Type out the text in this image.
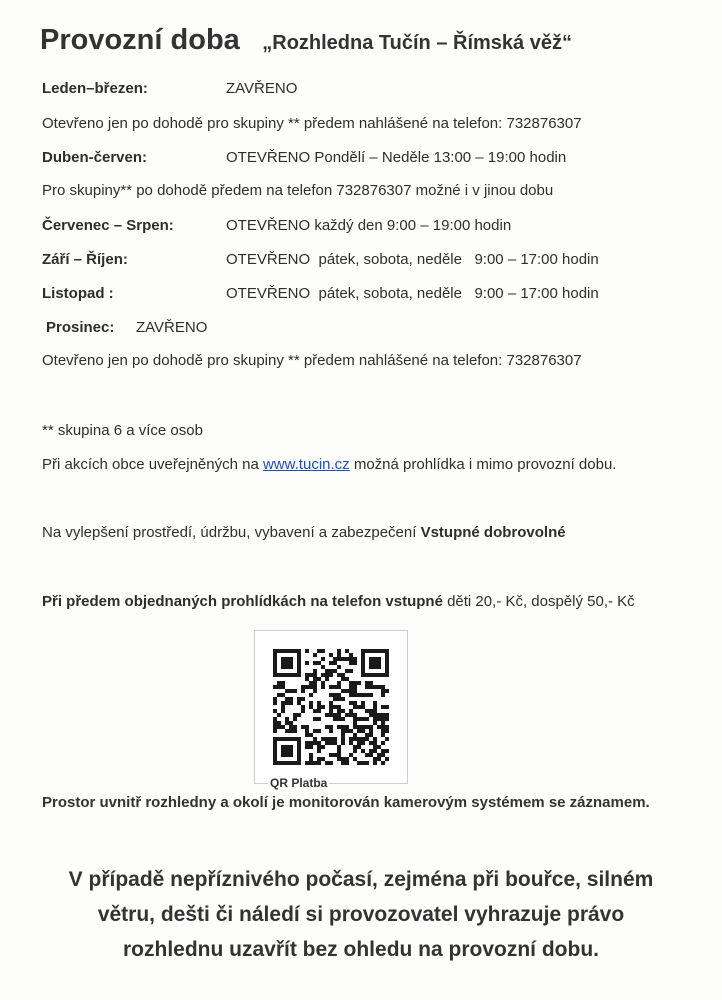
Provozní doba „Rozhledna Tučín – Římská věž“
Leden–březen:	ZAVŘENO
Otevřeno jen po dohodě pro skupiny ** předem nahlášené na telefon: 732876307
Duben-červen:	OTEVŘENO Pondělí – Neděle 13:00 – 19:00 hodin
Pro skupiny** po dohodě předem na telefon 732876307 možné i v jinou dobu
Červenec – Srpen:	OTEVŘENO každý den 9:00 – 19:00 hodin
Září – Říjen:	OTEVŘENO  pátek, sobota, neděle   9:00 – 17:00 hodin
Listopad :	OTEVŘENO  pátek, sobota, neděle   9:00 – 17:00 hodin
Prosinec: ZAVŘENO
Otevřeno jen po dohodě pro skupiny ** předem nahlášené na telefon: 732876307
** skupina 6 a více osob
Při akcích obce uveřejněných na www.tucin.cz možná prohlídka i mimo provozní dobu.
Na vylepšení prostředí, údržbu, vybavení a zabezpečení Vstupné dobrovolné
Při předem objednaných prohlídkách na telefon vstupné děti 20,- Kč, dospělý 50,- Kč
QR Platba
Prostor uvnitř rozhledny a okolí je monitorován kamerovým systémem se záznamem.
V případě nepříznivého počasí, zejména při bouřce, silném
větru, dešti či náledí si provozovatel vyhrazuje právo
rozhlednu uzavřít bez ohledu na provozní dobu.
